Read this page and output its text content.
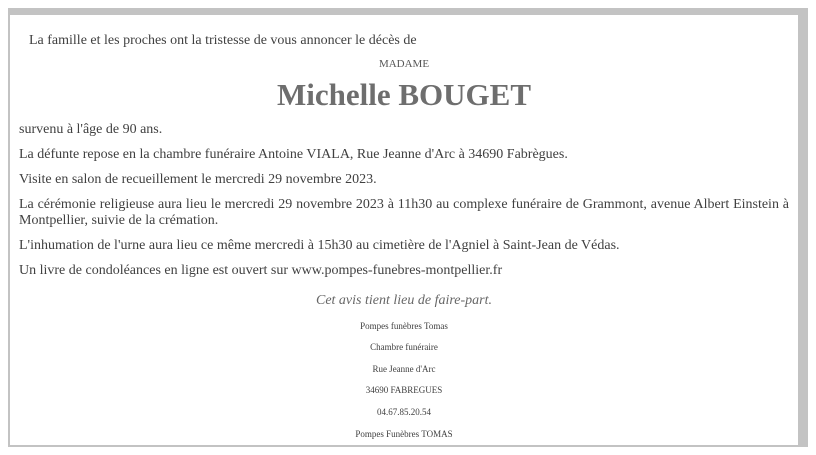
La famille et les proches ont la tristesse de vous annoncer le décès de
MADAME
Michelle BOUGET

survenu à l'âge de 90 ans.

La défunte repose en la chambre funéraire Antoine VIALA, Rue Jeanne d'Arc à 34690 Fabrègues.

Visite en salon de recueillement le mercredi 29 novembre 2023.

La cérémonie religieuse aura lieu le mercredi 29 novembre 2023 à 11h30 au complexe funéraire de Grammont, avenue Albert Einstein à Montpellier, suivie de la crémation.

L'inhumation de l'urne aura lieu ce même mercredi à 15h30 au cimetière de l'Agniel à Saint-Jean de Védas.

Un livre de condoléances en ligne est ouvert sur www.pompes-funebres-montpellier.fr

Cet avis tient lieu de faire-part.
Pompes funèbres Tomas
Chambre funéraire
Rue Jeanne d'Arc
34690 FABREGUES
04.67.85.20.54
Pompes Funèbres TOMAS
